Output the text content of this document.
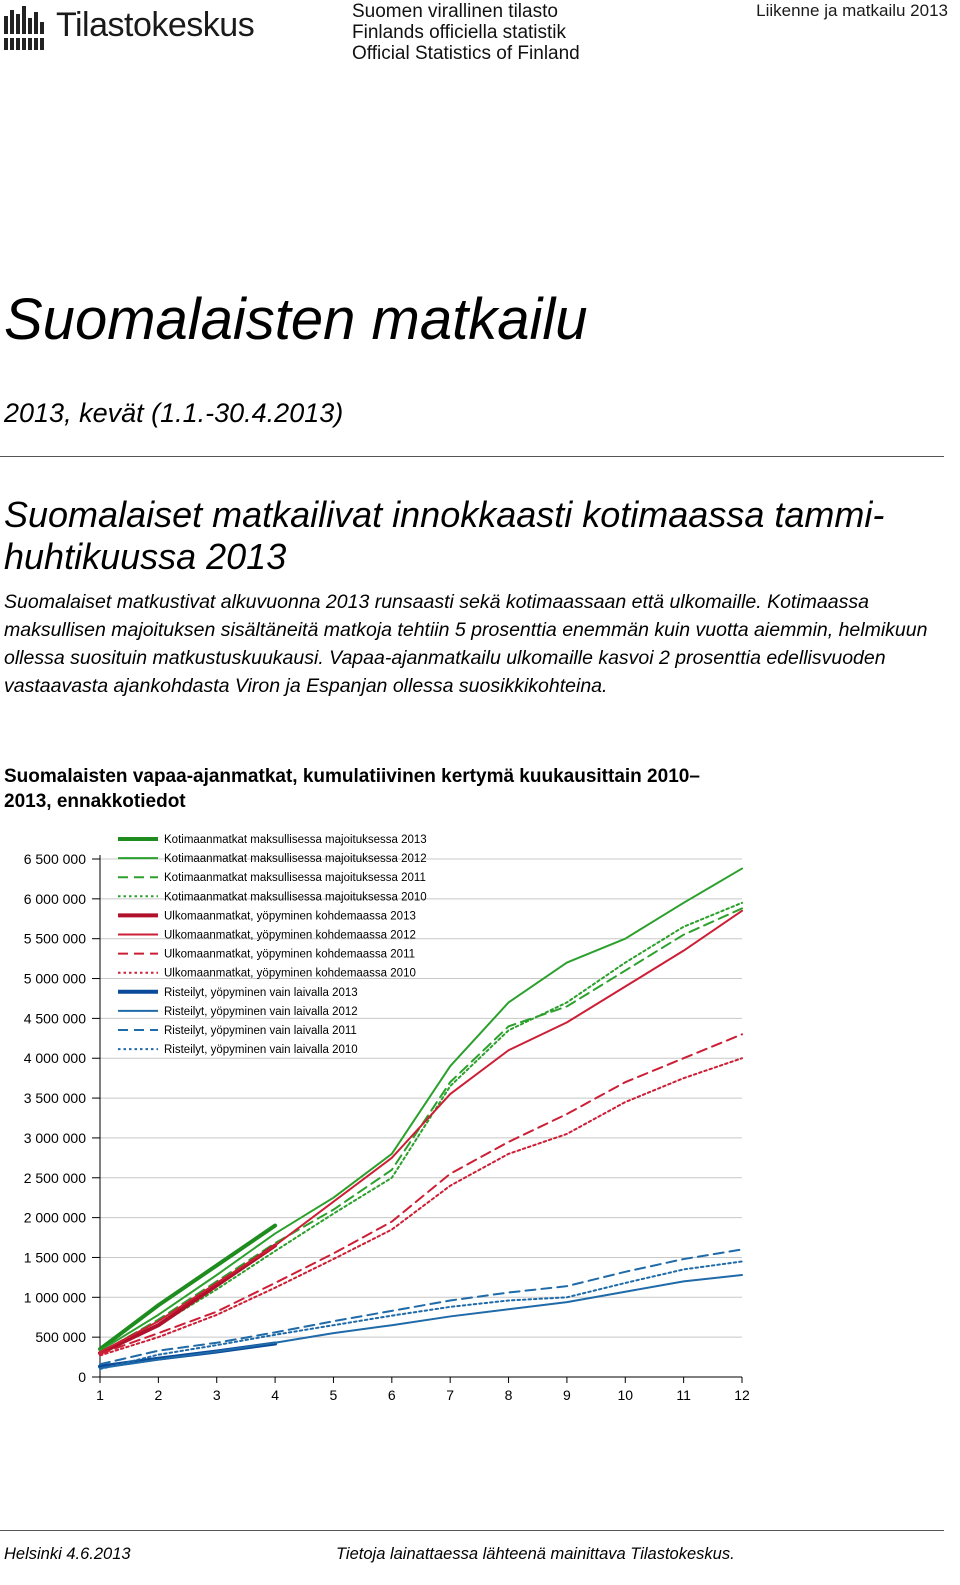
Tilastokeskus	Suomen virallinen tilasto
Finlands officiella statistik
Official Statistics of Finland
Liikenne ja matkailu 2013
Suomalaisten matkailu
2013, kevät (1.1.-30.4.2013)
Suomalaiset matkailivat innokkaasti kotimaassa tammi-huhtikuussa 2013

Suomalaiset matkustivat alkuvuonna 2013 runsaasti sekä kotimaassaan että ulkomaille. Kotimaassa maksullisen majoituksen sisältäneitä matkoja tehtiin 5 prosenttia enemmän kuin vuotta aiemmin, helmikuun ollessa suosituin matkustuskuukausi. Vapaa-ajanmatkailu ulkomaille kasvoi 2 prosenttia edellisvuoden vastaavasta ajankohdasta Viron ja Espanjan ollessa suosikkikohteina.

Suomalaisten vapaa-ajanmatkat, kumulatiivinen kertymä kuukausittain 2010–2013, ennakkotiedot
0
500 000
1 000 000
1 500 000
2 000 000
2 500 000
3 000 000
3 500 000
4 000 000
4 500 000
5 000 000
5 500 000
6 000 000
6 500 000
1	2	3	4	5	6	7	8	9	10	11	12
Kotimaanmatkat maksullisessa majoituksessa 2013
Kotimaanmatkat maksullisessa majoituksessa 2012
Kotimaanmatkat maksullisessa majoituksessa 2011
Kotimaanmatkat maksullisessa majoituksessa 2010
Ulkomaanmatkat, yöpyminen kohdemaassa 2013
Ulkomaanmatkat, yöpyminen kohdemaassa 2012
Ulkomaanmatkat, yöpyminen kohdemaassa 2011
Ulkomaanmatkat, yöpyminen kohdemaassa 2010
Risteilyt, yöpyminen vain laivalla 2013
Risteilyt, yöpyminen vain laivalla 2012
Risteilyt, yöpyminen vain laivalla 2011
Risteilyt, yöpyminen vain laivalla 2010
Helsinki 4.6.2013	Tietoja lainattaessa lähteenä mainittava Tilastokeskus.
